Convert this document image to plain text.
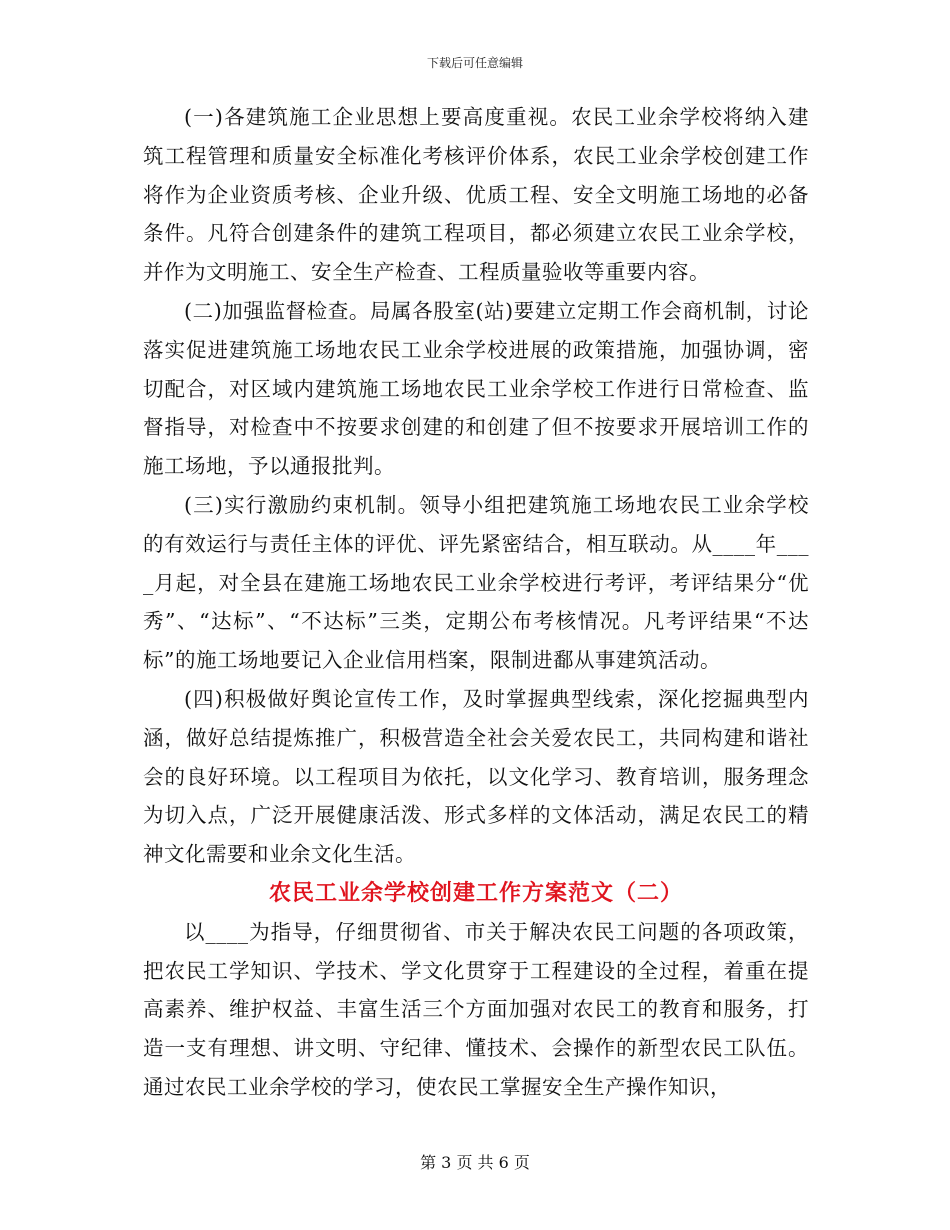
下载后可任意编辑

(一)各建筑施工企业思想上要高度重视。农民工业余学校将纳入建筑工程管理和质量安全标准化考核评价体系，农民工业余学校创建工作将作为企业资质考核、企业升级、优质工程、安全文明施工场地的必备条件。凡符合创建条件的建筑工程项目，都必须建立农民工业余学校，并作为文明施工、安全生产检查、工程质量验收等重要内容。

(二)加强监督检查。局属各股室(站)要建立定期工作会商机制，讨论落实促进建筑施工场地农民工业余学校进展的政策措施，加强协调，密切配合，对区域内建筑施工场地农民工业余学校工作进行日常检查、监督指导，对检查中不按要求创建的和创建了但不按要求开展培训工作的施工场地，予以通报批判。

(三)实行激励约束机制。领导小组把建筑施工场地农民工业余学校的有效运行与责任主体的评优、评先紧密结合，相互联动。从____年____月起，对全县在建施工场地农民工业余学校进行考评，考评结果分“优秀”、“达标”、“不达标”三类，定期公布考核情况。凡考评结果“不达标”的施工场地要记入企业信用档案，限制进鄱从事建筑活动。

(四)积极做好舆论宣传工作，及时掌握典型线索，深化挖掘典型内涵，做好总结提炼推广，积极营造全社会关爱农民工，共同构建和谐社会的良好环境。以工程项目为依托，以文化学习、教育培训，服务理念为切入点，广泛开展健康活泼、形式多样的文体活动，满足农民工的精神文化需要和业余文化生活。

农民工业余学校创建工作方案范文（二）

以____为指导，仔细贯彻省、市关于解决农民工问题的各项政策，把农民工学知识、学技术、学文化贯穿于工程建设的全过程，着重在提高素养、维护权益、丰富生活三个方面加强对农民工的教育和服务，打造一支有理想、讲文明、守纪律、懂技术、会操作的新型农民工队伍。通过农民工业余学校的学习，使农民工掌握安全生产操作知识，

第 3 页 共 6 页
